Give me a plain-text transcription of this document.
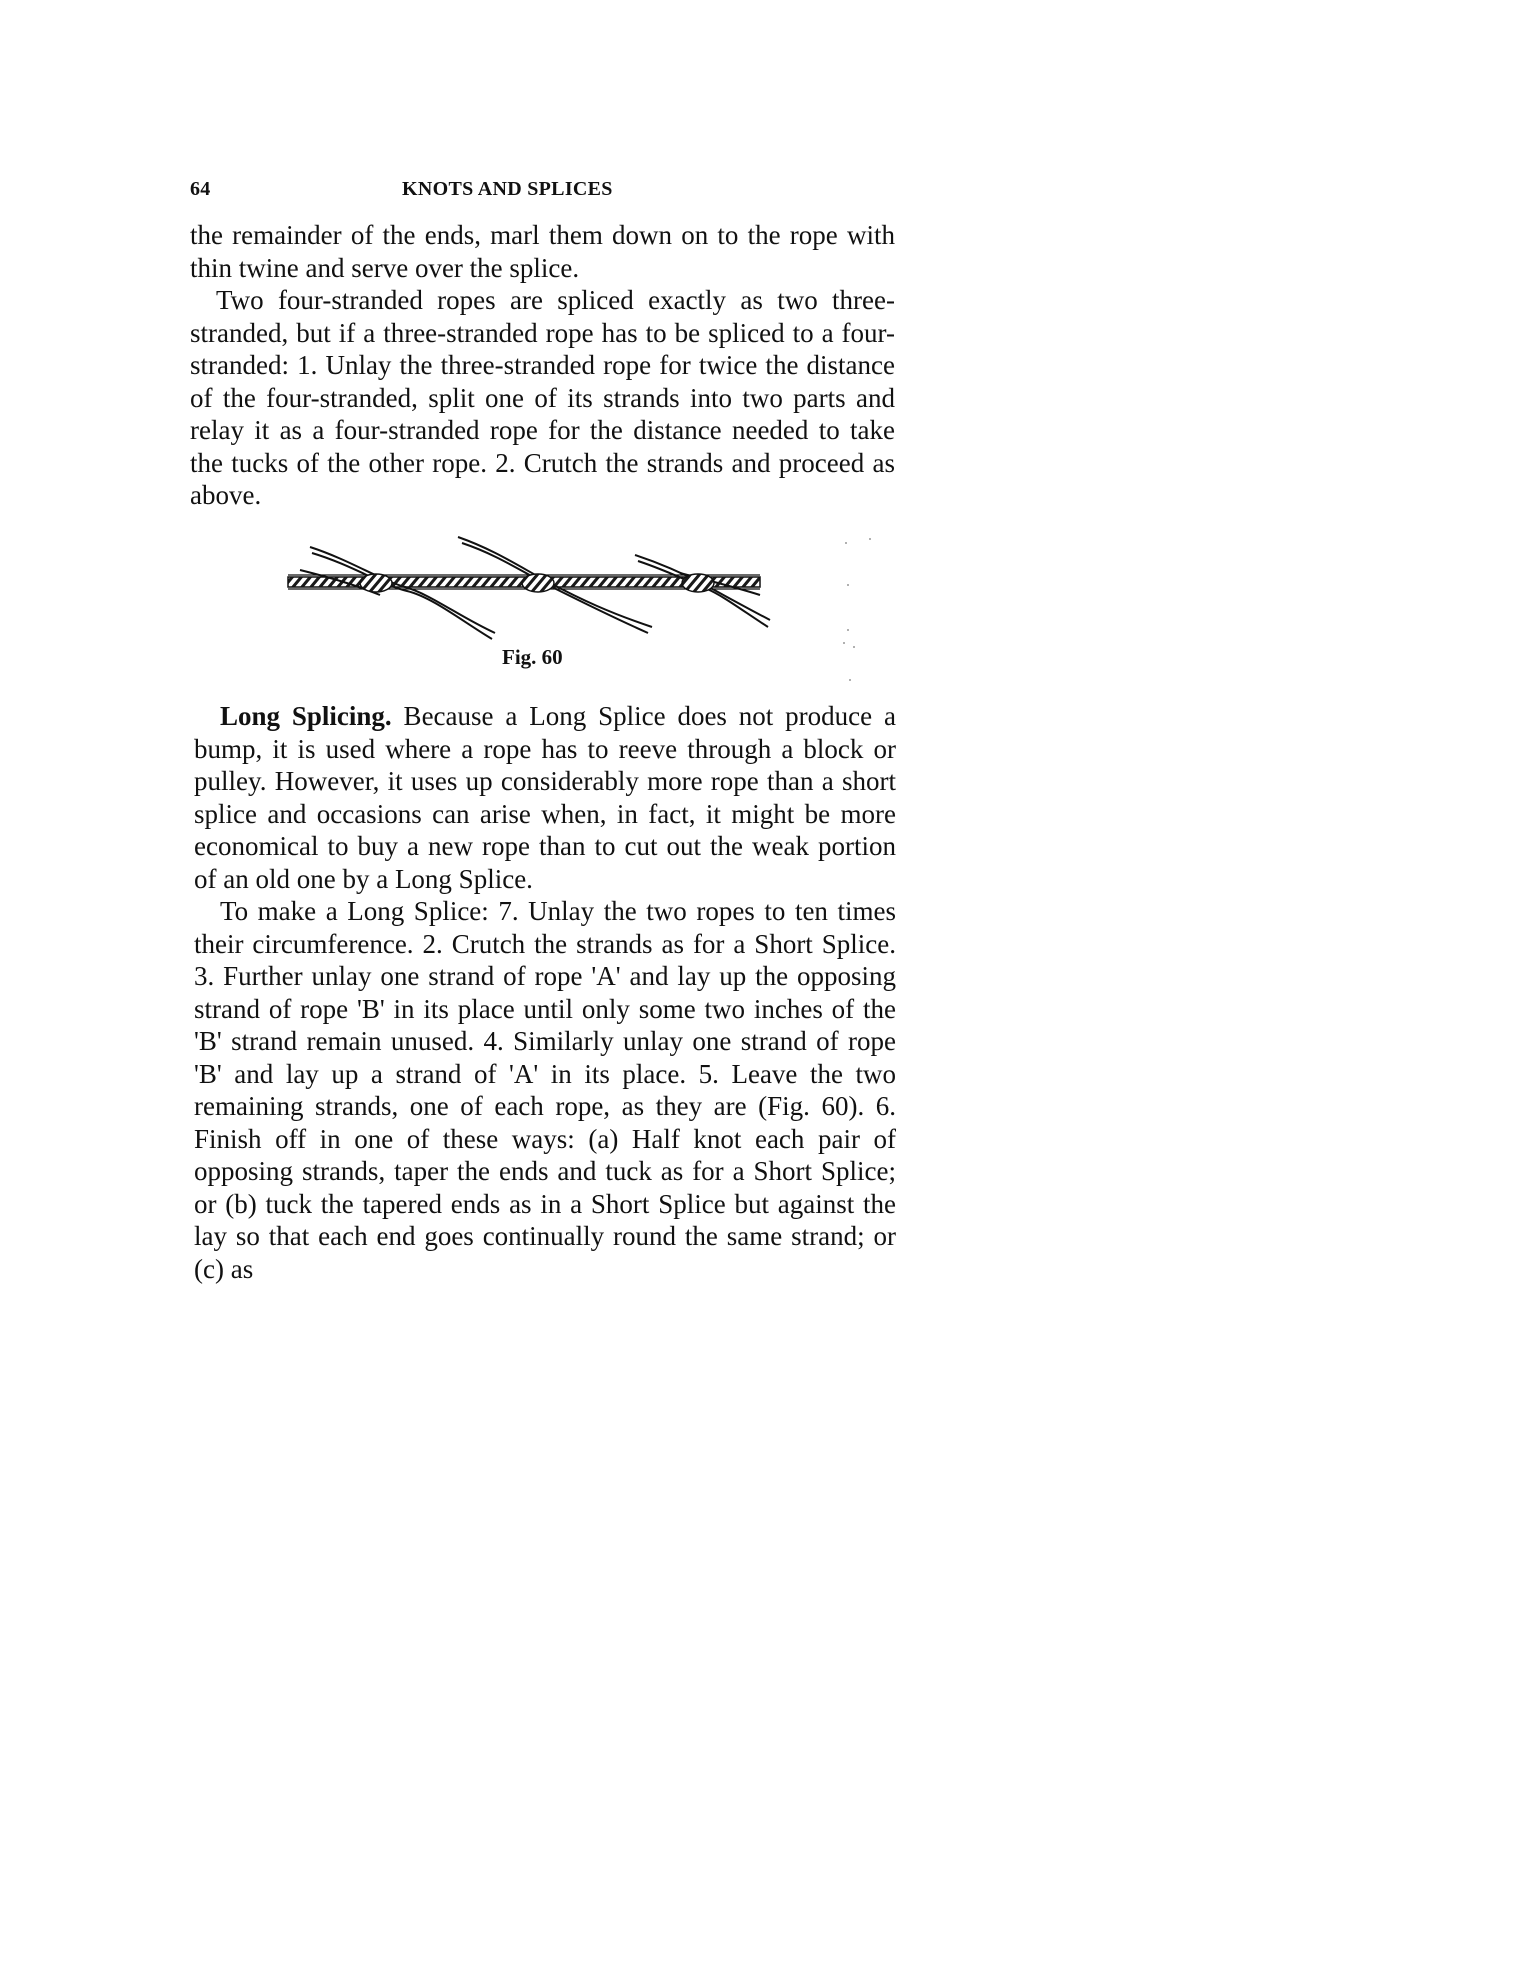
64	KNOTS AND SPLICES

the remainder of the ends, marl them down on to the rope with thin twine and serve over the splice.

Two four-stranded ropes are spliced exactly as two three-stranded, but if a three-stranded rope has to be spliced to a four-stranded: 1. Unlay the three-stranded rope for twice the distance of the four-stranded, split one of its strands into two parts and relay it as a four-stranded rope for the distance needed to take the tucks of the other rope. 2. Crutch the strands and proceed as above.

Fig. 60

Long Splicing. Because a Long Splice does not produce a bump, it is used where a rope has to reeve through a block or pulley. However, it uses up considerably more rope than a short splice and occasions can arise when, in fact, it might be more economical to buy a new rope than to cut out the weak portion of an old one by a Long Splice.

To make a Long Splice: 7. Unlay the two ropes to ten times their circumference. 2. Crutch the strands as for a Short Splice. 3. Further unlay one strand of rope 'A' and lay up the opposing strand of rope 'B' in its place until only some two inches of the 'B' strand remain unused. 4. Similarly unlay one strand of rope 'B' and lay up a strand of 'A' in its place. 5. Leave the two remaining strands, one of each rope, as they are (Fig. 60). 6. Finish off in one of these ways: (a) Half knot each pair of opposing strands, taper the ends and tuck as for a Short Splice; or (b) tuck the tapered ends as in a Short Splice but against the lay so that each end goes continually round the same strand; or (c) as
